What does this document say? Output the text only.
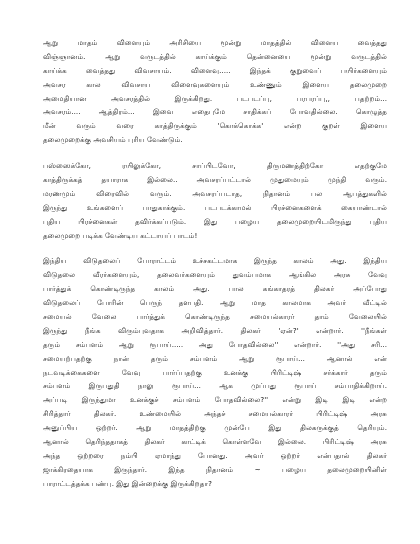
ஆறு மாதம் விளையும் அரிசியை மூன்று மாதத்தில் விளைய வைத்தது
விஞ்ஞானம். ஆறு வருடத்தில் காய்க்கும் தென்னையை மூன்று வருடத்தில்
காய்க்க வைத்தது விவசாயம். விளைவு..... இந்தக் குறுவைப் பயிர்களையும்
அவசர கால விவசாய விளைவுகளையும் உண்ணும் இளைய தலைமுறை
அமைதியான அவசரத்தில் இருக்கிறது. படபடப்பு, பரபரப்பு,, பதற்றம்...
அவசரம்.... ஆத்திரம்... இவை எதைபுமே சாதிக்கப் போவதில்லை. கொழுத்த
மீன் வரும் வரை காத்திருக்கும் 'கொக்கொக்க' என்ற குறள் இளைய
தலைமுறைக்கு அவசியம் புரிய வேண்டும்.
பஸ்ஸைக்கோ, ரயிலுக்கோ, சாப்பிடவோ, திருமணத்திற்கோ எதற்குமே
காத்திருக்கத் தயாராக இல்லை.. அவசரப்பட்டால் முதுமையும் முந்தி வரும்.
மரணமும் விரைவில் வரும். அவசரப்படாத, நிதானம் பல ஆபத்துகளில்
இருந்து உங்களைப் பாதுகாக்கும். படபடக்காமல் பிரச்னைகளைக் கையாண்டால்
புதிய பிரச்னைகள் தவிர்க்கப்படும். இது பழைய தலைமுறையிடமிருந்து புதிய
தலைமுறை படிக்க வேண்டிய கட்டாயப் பாடம்!
இந்திய விடுதலைப் போராட்டம் உச்சகட்டமாக இருந்த காலம் அது. இந்திய
விடுதலை வீரர்களையும், தலைவர்களையும் துவம்பமாக ஆங்கில அரசு வேவு
பார்த்துக் கொண்டிருந்த காலம் அது. பால கங்காதரத் திலகர் அப்போது
விடுதலைப் போரின் பெருந் தளபதி. ஆறு மாத காலமாக அவர் வீட்டில்
சமையல் வேலை பார்த்துக் கொண்டிருந்த சமையல்காரர் தாம் வேலையில்
இருந்து நீங்க விரும்புவதாக அறிவித்தார். திலகர் 'ஏன்?' என்றார். ''நீங்கள்
தரும் சம்பளம் ஆறு ரூபாய்..... அது போதவில்லை'' என்றார். ''அது சரி...
சமையற்பதற்கு நான் தரும் சம்பளம் ஆறு ரூபாய்... ஆனால் என்
நடவடிக்கைகளை வேவு பார்ப்பதற்கு உனக்கு பிரிட்டிஷ் சர்க்கார் தரும்
சம்பளம் இருபதுதி நாலு ரூபாய்... ஆக முப்பது ரூபாய் சம்பாதிக்கிறாய்.
அப்படி இருந்துமா உனக்குச் சம்பளம் போதவில்லை?'' என்று இடி இடி என்ற
சிரித்தார் திலகர். உண்மையில் அந்தச் சமையல்காரர் பிரிட்டிஷ் அரசு
அனுப்பிய ஒற்றர். ஆறு மாதத்திற்கு முன்பே இது திலகருக்குத் தெரியும்.
ஆனால் தெரிந்ததாகத் திலகர் காட்டிக் கொள்ளவே இல்லை. பிரிட்டிஷ் அரசு
அந்த ஒற்றரை நம்பி ஏமாந்து போனது. அவர் ஒற்றர் என்பதால் திலகர்
ஜாக்கிரதையாக இருந்தார். இந்த நிதானம் ~ பழைய தலைமுறையினிள்
பாராட்டத்தக்க பண்பு. இது இன்றைக்கு இருக்கிறதா?
